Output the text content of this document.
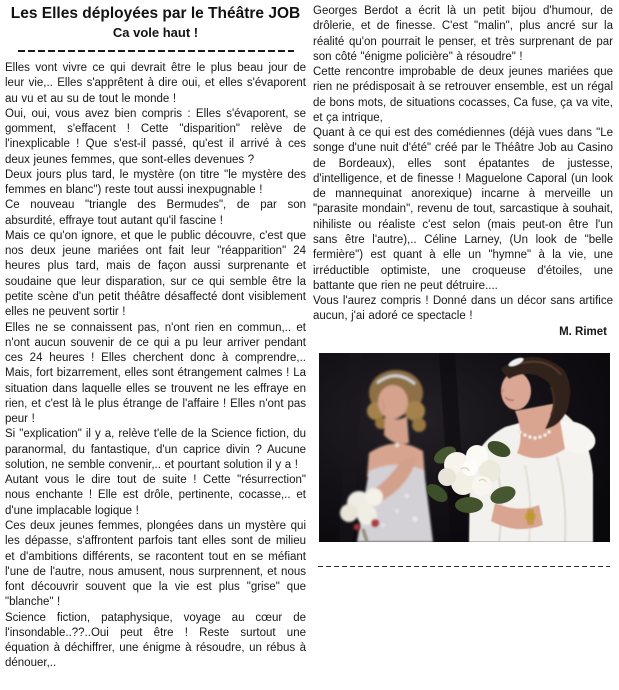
Les Elles déployées par le Théâtre JOB
Ca vole haut !

Elles vont vivre ce qui devrait être le plus beau jour de leur vie,.. Elles s'apprêtent à dire oui, et elles s'évaporent au vu et au su de tout le monde !

Oui, oui, vous avez bien compris : Elles s'évaporent, se gomment, s'effacent ! Cette "disparition" relève de l'inexplicable ! Que s'est-il passé, qu'est il arrivé à ces deux jeunes femmes, que sont-elles devenues ?

Deux jours plus tard, le mystère (on titre "le mystère des femmes en blanc") reste tout aussi inexpugnable !

Ce nouveau "triangle des Bermudes", de par son absurdité, effraye tout autant qu'il fascine !

Mais ce qu'on ignore, et que le public découvre, c'est que nos deux jeune mariées ont fait leur "réapparition" 24 heures plus tard, mais de façon aussi surprenante et soudaine que leur disparation, sur ce qui semble être la petite scène d'un petit théâtre désaffecté dont visiblement elles ne peuvent sortir !

Elles ne se connaissent pas, n'ont rien en commun,.. et n'ont aucun souvenir de ce qui a pu leur arriver pendant ces 24 heures ! Elles cherchent donc à comprendre,.. Mais, fort bizarrement, elles sont étrangement calmes ! La situation dans laquelle elles se trouvent ne les effraye en rien, et c'est là le plus étrange de l'affaire ! Elles n'ont pas peur !

Si "explication" il y a, relève t'elle de la Science fiction, du paranormal, du fantastique, d'un caprice divin ? Aucune solution, ne semble convenir,.. et pourtant solution il y a !

Autant vous le dire tout de suite ! Cette "résurrection" nous enchante ! Elle est drôle, pertinente, cocasse,.. et d'une implacable logique !

Ces deux jeunes femmes, plongées dans un mystère qui les dépasse, s'affrontent parfois tant elles sont de milieu et d'ambitions différents, se racontent tout en se méfiant l'une de l'autre, nous amusent, nous surprennent, et nous font découvrir souvent que la vie est plus "grise" que "blanche" !

Science fiction, pataphysique, voyage au cœur de l'insondable..??..Oui peut être ! Reste surtout une équation à déchiffrer, une énigme à résoudre, un rébus à dénouer,..

Georges Berdot a écrit là un petit bijou d'humour, de drôlerie, et de finesse. C'est "malin", plus ancré sur la réalité qu'on pourrait le penser, et très surprenant de par son côté "énigme policière" à résoudre" !

Cette rencontre improbable de deux jeunes mariées que rien ne prédisposait à se retrouver ensemble, est un régal de bons mots, de situations cocasses, Ca fuse, ça va vite, et ça intrique,

Quant à ce qui est des comédiennes (déjà vues dans "Le songe d'une nuit d'été" créé par le Théâtre Job au Casino de Bordeaux), elles sont épatantes de justesse, d'intelligence, et de finesse ! Maguelone Caporal (un look de mannequinat anorexique) incarne à merveille un "parasite mondain", revenu de tout, sarcastique à souhait, nihiliste ou réaliste c'est selon (mais peut-on être l'un sans être l'autre),.. Céline Larney, (Un look de "belle fermière") est quant à elle un "hymne" à la vie, une irréductible optimiste, une croqueuse d'étoiles, une battante que rien ne peut détruire....

Vous l'aurez compris ! Donné dans un décor sans artifice aucun, j'ai adoré ce spectacle !

M. Rimet
